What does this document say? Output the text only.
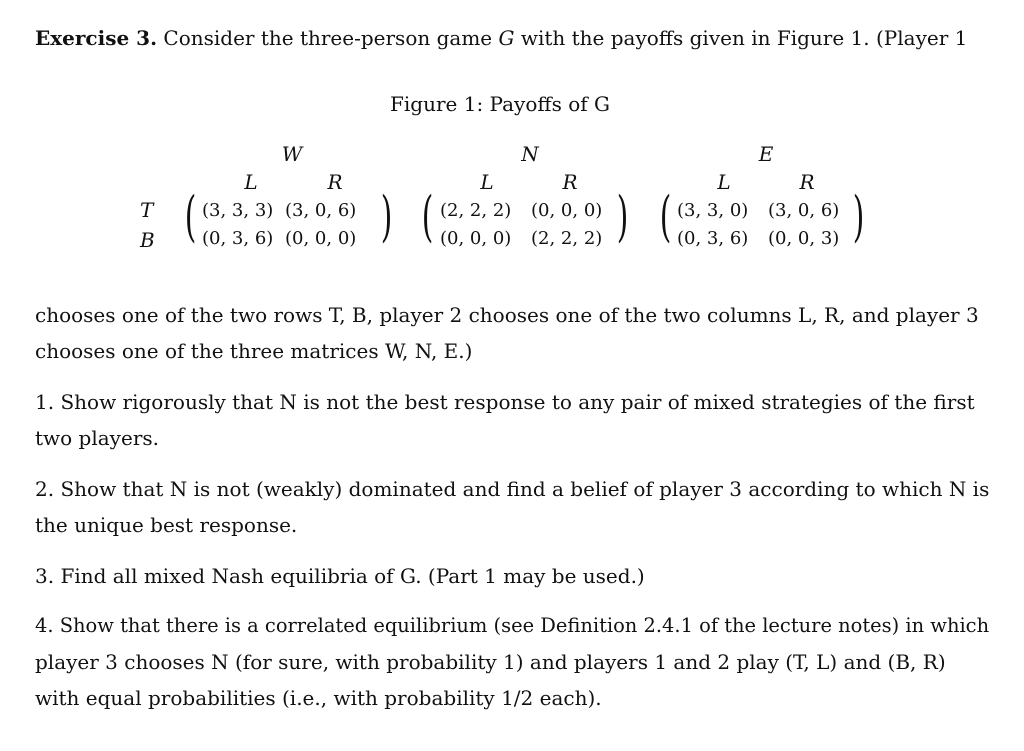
Exercise 3. Consider the three-person game G with the payoffs given in Figure 1. (Player 1
Figure 1: Payoffs of G
T
B
W
L	R
( (3, 3, 3) (3, 0, 6)
(0, 3, 6) (0, 0, 0) )
N
L	R
( (2, 2, 2) (0, 0, 0)
(0, 0, 0) (2, 2, 2) )
E
L	R
( (3, 3, 0) (3, 0, 6)
(0, 3, 6) (0, 0, 3) )
chooses one of the two rows T, B, player 2 chooses one of the two columns L, R, and player 3
chooses one of the three matrices W, N, E.)
1. Show rigorously that N is not the best response to any pair of mixed strategies of the first
two players.
2. Show that N is not (weakly) dominated and find a belief of player 3 according to which N is
the unique best response.
3. Find all mixed Nash equilibria of G. (Part 1 may be used.)
4. Show that there is a correlated equilibrium (see Definition 2.4.1 of the lecture notes) in which
player 3 chooses N (for sure, with probability 1) and players 1 and 2 play (T, L) and (B, R)
with equal probabilities (i.e., with probability 1/2 each).
